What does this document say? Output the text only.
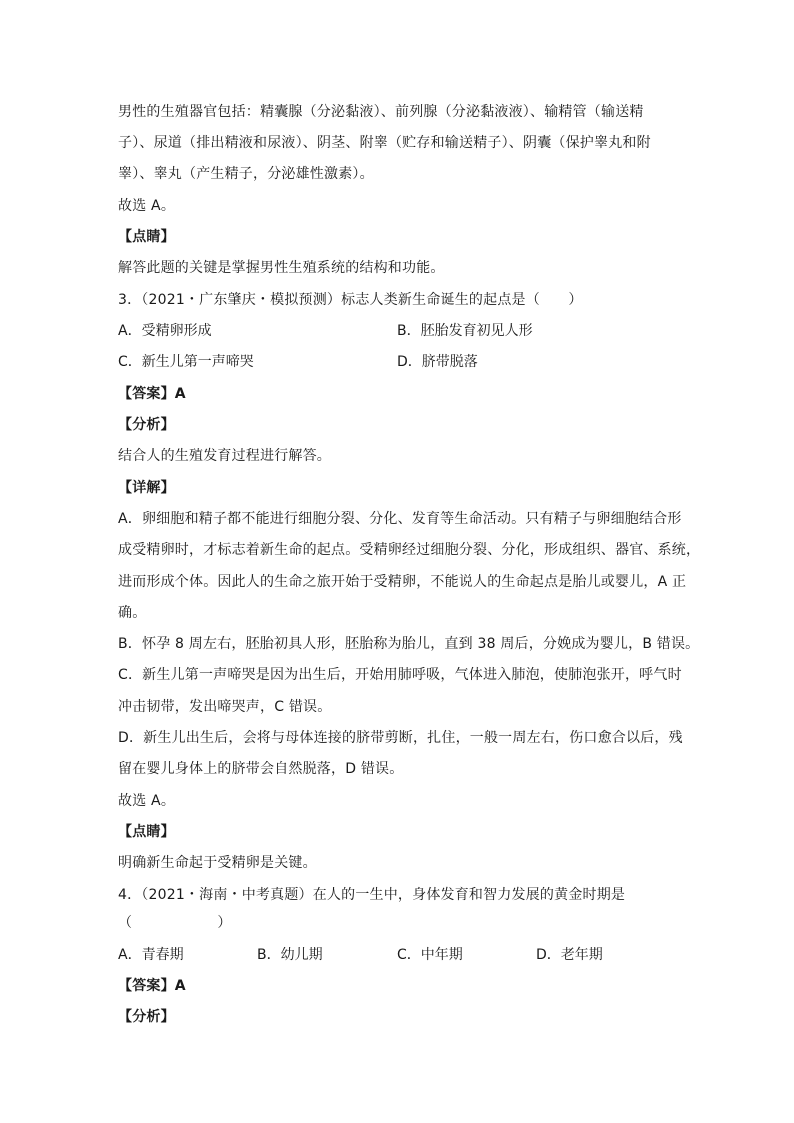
男性的生殖器官包括：精囊腺（分泌黏液）、前列腺（分泌黏液液）、输精管（输送精
子）、尿道（排出精液和尿液）、阴茎、附睾（贮存和输送精子）、阴囊（保护睾丸和附
睾）、睾丸（产生精子，分泌雄性激素）。
故选 A。
【点睛】
解答此题的关键是掌握男性生殖系统的结构和功能。
3．（2021・广东肇庆・模拟预测）标志人类新生命诞生的起点是（　　）
A．受精卵形成	B．胚胎发育初见人形
C．新生儿第一声啼哭	D．脐带脱落
【答案】A
【分析】
结合人的生殖发育过程进行解答。
【详解】
A．卵细胞和精子都不能进行细胞分裂、分化、发育等生命活动。只有精子与卵细胞结合形
成受精卵时，才标志着新生命的起点。受精卵经过细胞分裂、分化，形成组织、器官、系统，
进而形成个体。因此人的生命之旅开始于受精卵，不能说人的生命起点是胎儿或婴儿，A 正
确。
B．怀孕 8 周左右，胚胎初具人形，胚胎称为胎儿，直到 38 周后，分娩成为婴儿，B 错误。
C．新生儿第一声啼哭是因为出生后，开始用肺呼吸，气体进入肺泡，使肺泡张开，呼气时
冲击韧带，发出啼哭声，C 错误。
D．新生儿出生后，会将与母体连接的脐带剪断，扎住，一般一周左右，伤口愈合以后，残
留在婴儿身体上的脐带会自然脱落，D 错误。
故选 A。
【点睛】
明确新生命起于受精卵是关键。
4．（2021・海南・中考真题）在人的一生中，身体发育和智力发展的黄金时期是
（　　　　　　）
A．青春期	B．幼儿期	C．中年期	D．老年期
【答案】A
【分析】
